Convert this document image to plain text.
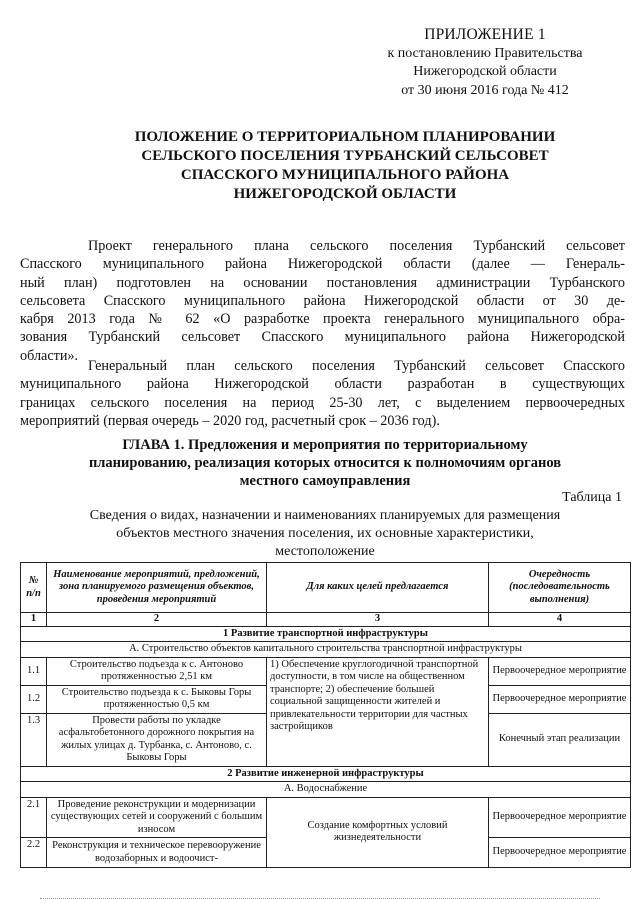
ПРИЛОЖЕНИЕ 1
к постановлению Правительства
Нижегородской области
от 30 июня 2016 года № 412
ПОЛОЖЕНИЕ О ТЕРРИТОРИАЛЬНОМ ПЛАНИРОВАНИИ
СЕЛЬСКОГО ПОСЕЛЕНИЯ ТУРБАНСКИЙ СЕЛЬСОВЕТ
СПАССКОГО МУНИЦИПАЛЬНОГО РАЙОНА
НИЖЕГОРОДСКОЙ ОБЛАСТИ
Проект генерального плана сельского поселения Турбанский сельсовет
Спасского муниципального района Нижегородской области (далее — Генераль-
ный план) подготовлен на основании постановления администрации Турбанского
сельсовета Спасского муниципального района Нижегородской области от 30 де-
кабря 2013 года № 62 «О разработке проекта генерального муниципального обра-
зования Турбанский сельсовет Спасского муниципального района Нижегородской
области».
Генеральный план сельского поселения Турбанский сельсовет Спасского
муниципального района Нижегородской области разработан в существующих
границах сельского поселения на период 25-30 лет, с выделением первоочередных
мероприятий (первая очередь – 2020 год, расчетный срок – 2036 год).
ГЛАВА 1. Предложения и мероприятия по территориальному
планированию, реализация которых относится к полномочиям органов
местного самоуправления
Таблица 1
Сведения о видах, назначении и наименованиях планируемых для размещения
объектов местного значения поселения, их основные характеристики,
местоположение
№ п/п	Наименование мероприятий, предложений, зона планируемого размещения объектов, проведения мероприятий	Для каких целей предлагается	Очередность (последовательность выполнения)
1	2	3	4
1 Развитие транспортной инфраструктуры			
А. Строительство объектов капитального строительства транспортной инфраструктуры			
1.1	Строительство подъезда к с. Антоново протяженностью 2,51 км	1) Обеспечение круглогодичной транспортной доступности, в том числе на общественном транспорте; 2) обеспечение большей социальной защищенности жителей и привлекательности территории для частных застройщиков	Первоочередное мероприятие
1.2	Строительство подъезда к с. Быковы Горы протяженностью 0,5 км		Первоочередное мероприятие
1.3	Провести работы по укладке асфальтобетонного дорожного покрытия на жилых улицах д. Турбанка, с. Антоново, с. Быковы Горы		Конечный этап реализации
2 Развитие инженерной инфраструктуры			
А. Водоснабжение			
2.1	Проведение реконструкции и модернизации существующих сетей и сооружений с большим износом	Создание комфортных условий жизнедеятельности	Первоочередное мероприятие
2.2	Реконструкция и техническое перевооружение водозаборных и водоочист-		Первоочередное мероприятие
